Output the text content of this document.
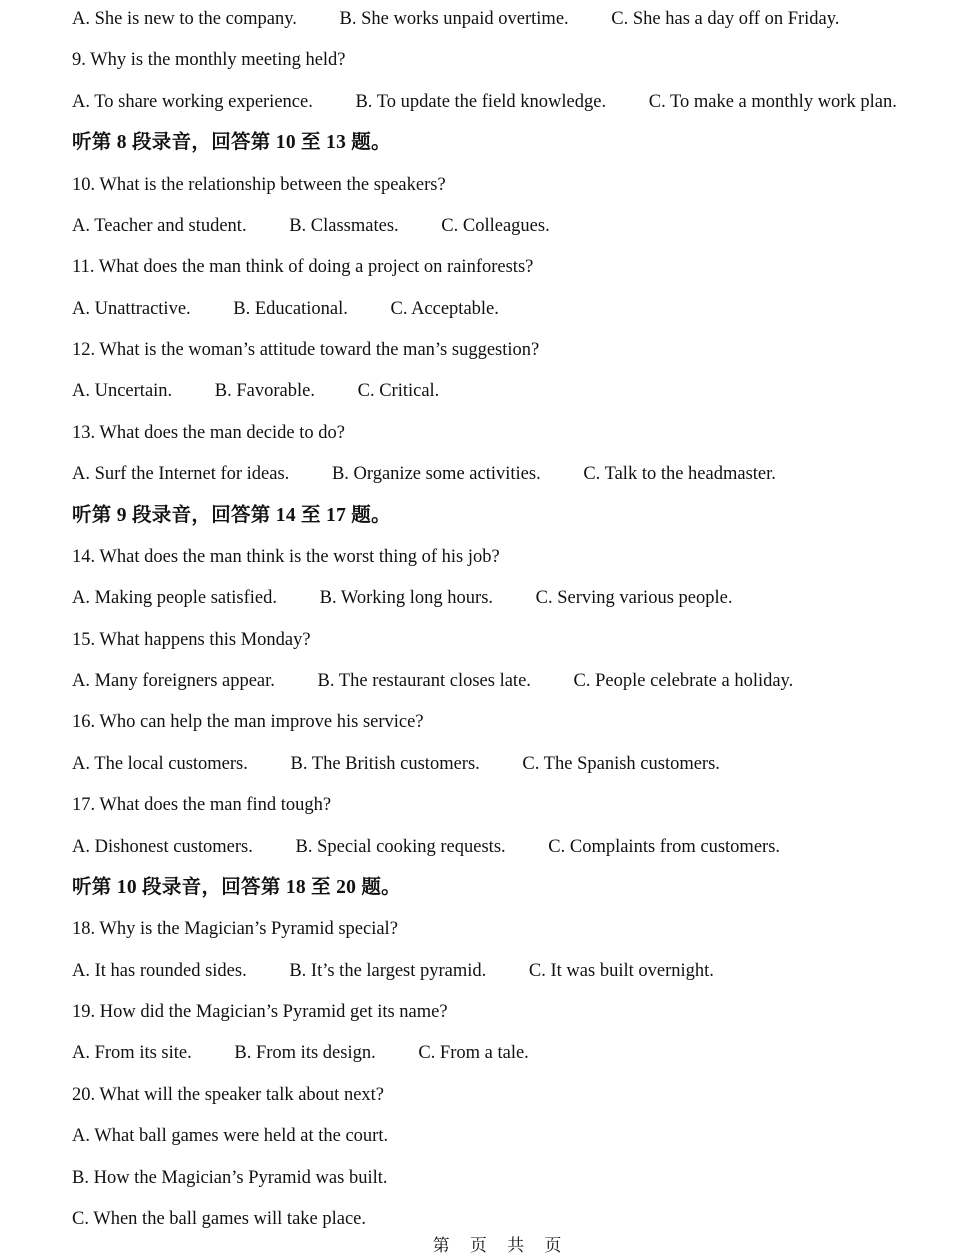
A. She is new to the company. B. She works unpaid overtime. C. She has a day off on Friday.
9. Why is the monthly meeting held?
A. To share working experience. B. To update the field knowledge. C. To make a monthly work plan.
听第 8 段录音，回答第 10 至 13 题。
10. What is the relationship between the speakers?
A. Teacher and student. B. Classmates. C. Colleagues.
11. What does the man think of doing a project on rainforests?
A. Unattractive. B. Educational. C. Acceptable.
12. What is the woman’s attitude toward the man’s suggestion?
A. Uncertain. B. Favorable. C. Critical.
13. What does the man decide to do?
A. Surf the Internet for ideas. B. Organize some activities. C. Talk to the headmaster.
听第 9 段录音，回答第 14 至 17 题。
14. What does the man think is the worst thing of his job?
A. Making people satisfied. B. Working long hours. C. Serving various people.
15. What happens this Monday?
A. Many foreigners appear. B. The restaurant closes late. C. People celebrate a holiday.
16. Who can help the man improve his service?
A. The local customers. B. The British customers. C. The Spanish customers.
17. What does the man find tough?
A. Dishonest customers. B. Special cooking requests. C. Complaints from customers.
听第 10 段录音，回答第 18 至 20 题。
18. Why is the Magician’s Pyramid special?
A. It has rounded sides. B. It’s the largest pyramid. C. It was built overnight.
19. How did the Magician’s Pyramid get its name?
A. From its site. B. From its design. C. From a tale.
20. What will the speaker talk about next?
A. What ball games were held at the court.
B. How the Magician’s Pyramid was built.
C. When the ball games will take place.
第 页 共 页
